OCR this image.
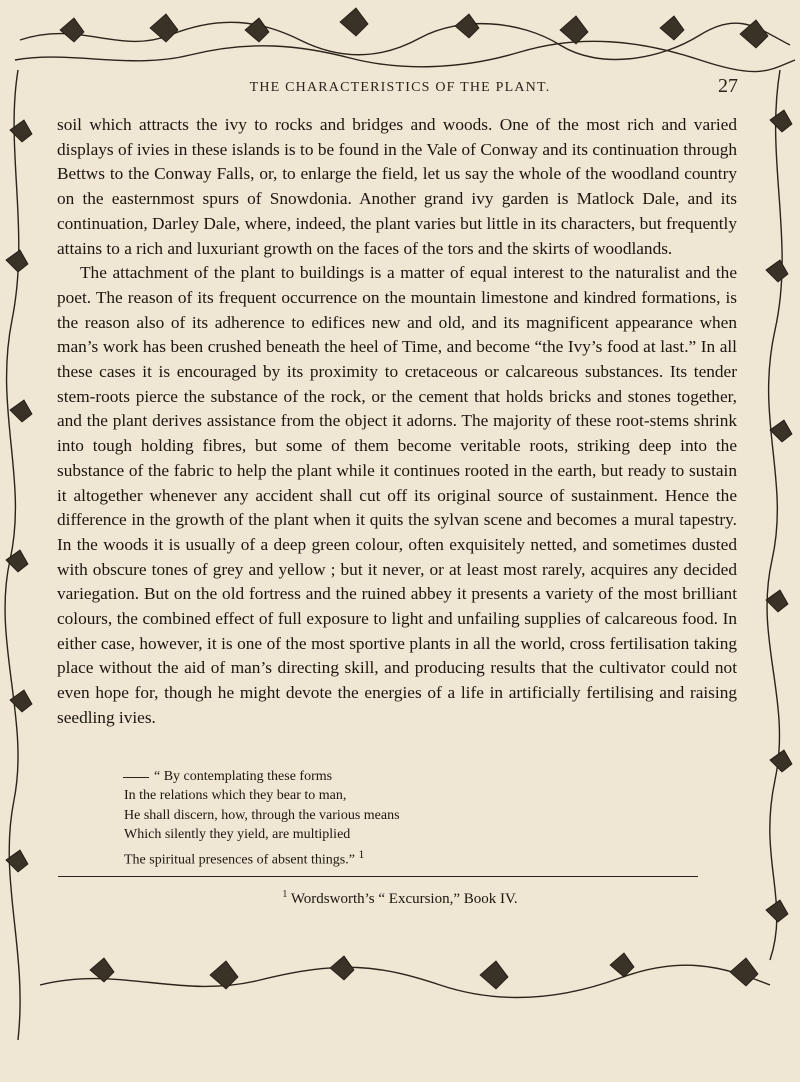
THE CHARACTERISTICS OF THE PLANT.	27

soil which attracts the ivy to rocks and bridges and woods. One of the most rich and varied displays of ivies in these islands is to be found in the Vale of Conway and its continuation through Bettws to the Conway Falls, or, to enlarge the field, let us say the whole of the woodland country on the easternmost spurs of Snowdonia. Another grand ivy garden is Matlock Dale, and its continuation, Darley Dale, where, indeed, the plant varies but little in its characters, but frequently attains to a rich and luxuriant growth on the faces of the tors and the skirts of woodlands.

The attachment of the plant to buildings is a matter of equal interest to the naturalist and the poet. The reason of its frequent occurrence on the mountain limestone and kindred formations, is the reason also of its adherence to edifices new and old, and its magnificent appearance when man’s work has been crushed beneath the heel of Time, and become “the Ivy’s food at last.” In all these cases it is encouraged by its proximity to cretaceous or calcareous substances. Its tender stem-roots pierce the substance of the rock, or the cement that holds bricks and stones together, and the plant derives assistance from the object it adorns. The majority of these root-stems shrink into tough holding fibres, but some of them become veritable roots, striking deep into the substance of the fabric to help the plant while it continues rooted in the earth, but ready to sustain it altogether whenever any accident shall cut off its original source of sustainment. Hence the difference in the growth of the plant when it quits the sylvan scene and becomes a mural tapestry. In the woods it is usually of a deep green colour, often exquisitely netted, and sometimes dusted with obscure tones of grey and yellow ; but it never, or at least most rarely, acquires any decided variegation. But on the old fortress and the ruined abbey it presents a variety of the most brilliant colours, the combined effect of full exposure to light and unfailing supplies of calcareous food. In either case, however, it is one of the most sportive plants in all the world, cross fertilisation taking place without the aid of man’s directing skill, and producing results that the cultivator could not even hope for, though he might devote the energies of a life in artificially fertilising and raising seedling ivies.

“ By contemplating these forms
In the relations which they bear to man,
He shall discern, how, through the various means
Which silently they yield, are multiplied
The spiritual presences of absent things.” $^1$
$^1$ Wordsworth’s “ Excursion,” Book IV.
